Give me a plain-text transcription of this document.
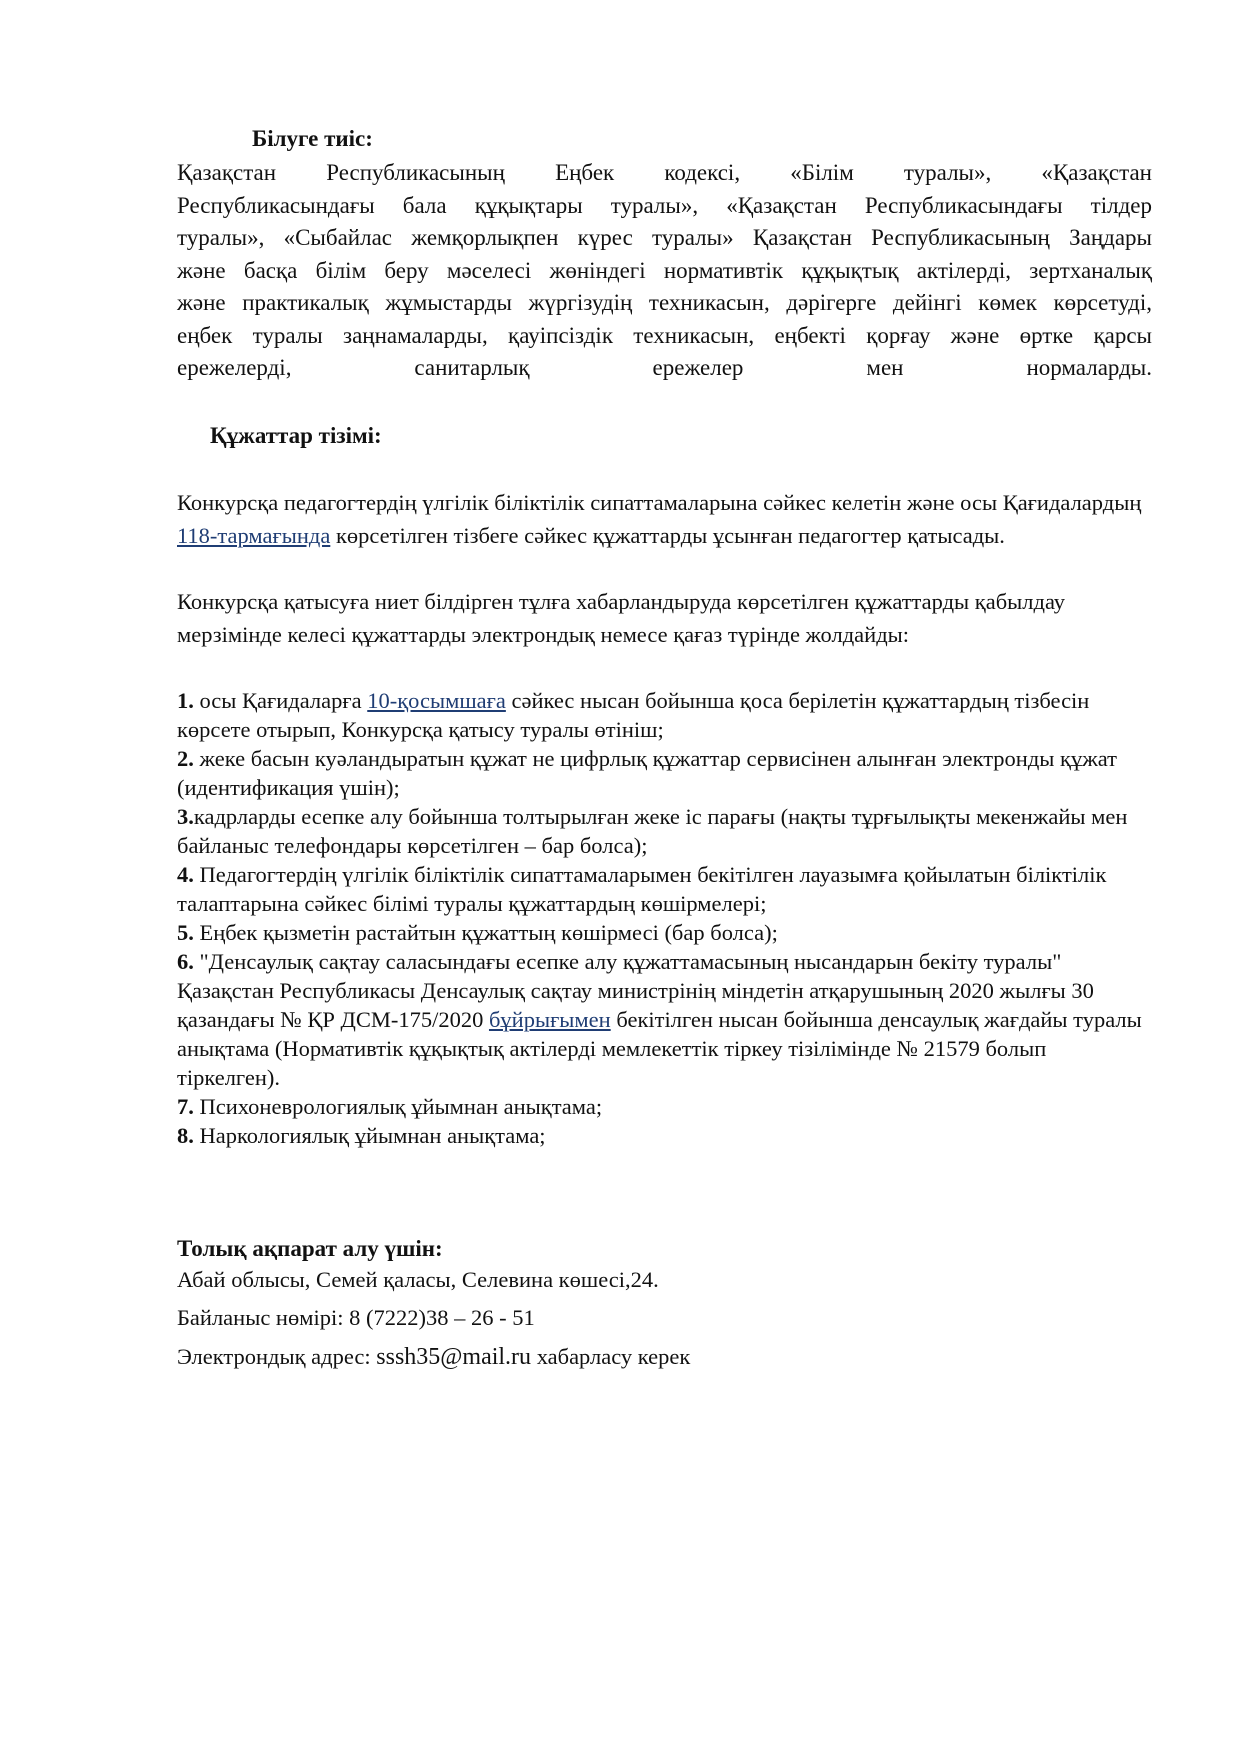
Білуге тиіс:
Қазақстан Республикасының Еңбек кодексі, «Білім туралы», «Қазақстан
Республикасындағы бала құқықтары туралы», «Қазақстан Республикасындағы тілдер
туралы», «Сыбайлас жемқорлықпен күрес туралы» Қазақстан Республикасының Заңдары
және басқа білім беру мәселесі жөніндегі нормативтік құқықтық актілерді, зертханалық
және практикалық жұмыстарды жүргізудің техникасын, дәрігерге дейінгі көмек көрсетуді,
еңбек туралы заңнамаларды, қауіпсіздік техникасын, еңбекті қорғау және өртке қарсы
ережелерді, санитарлық ережелер мен нормаларды.
Құжаттар тізімі:

Конкурсқа педагогтердің үлгілік біліктілік сипаттамаларына сәйкес келетін және осы Қағидалардың 118-тармағында көрсетілген тізбеге сәйкес құжаттарды ұсынған педагогтер қатысады.

Конкурсқа қатысуға ниет білдірген тұлға хабарландыруда көрсетілген құжаттарды қабылдау мерзімінде келесі құжаттарды электрондық немесе қағаз түрінде жолдайды:

1. осы Қағидаларға 10-қосымшаға сәйкес нысан бойынша қоса берілетін құжаттардың тізбесін көрсете отырып, Конкурсқа қатысу туралы өтініш;
2. жеке басын куәландыратын құжат не цифрлық құжаттар сервисінен алынған электронды құжат (идентификация үшін);
3.кадрларды есепке алу бойынша толтырылған жеке іс парағы (нақты тұрғылықты мекенжайы мен байланыс телефондары көрсетілген – бар болса);
4. Педагогтердің үлгілік біліктілік сипаттамаларымен бекітілген лауазымға қойылатын біліктілік талаптарына сәйкес білімі туралы құжаттардың көшірмелері;
5. Еңбек қызметін растайтын құжаттың көшірмесі (бар болса);
6. "Денсаулық сақтау саласындағы есепке алу құжаттамасының нысандарын бекіту туралы" Қазақстан Республикасы Денсаулық сақтау министрінің міндетін атқарушының 2020 жылғы 30 қазандағы № ҚР ДСМ-175/2020 бұйрығымен бекітілген нысан бойынша денсаулық жағдайы туралы анықтама (Нормативтік құқықтық актілерді мемлекеттік тіркеу тізілімінде № 21579 болып тіркелген).
7. Психоневрологиялық ұйымнан анықтама;
8. Наркологиялық ұйымнан анықтама;
Толық ақпарат алу үшін:

Абай облысы, Семей қаласы, Селевина көшесі,24.

Байланыс нөмірі: 8 (7222)38 – 26 - 51

Электрондық адрес: sssh35@mail.ru хабарласу керек
